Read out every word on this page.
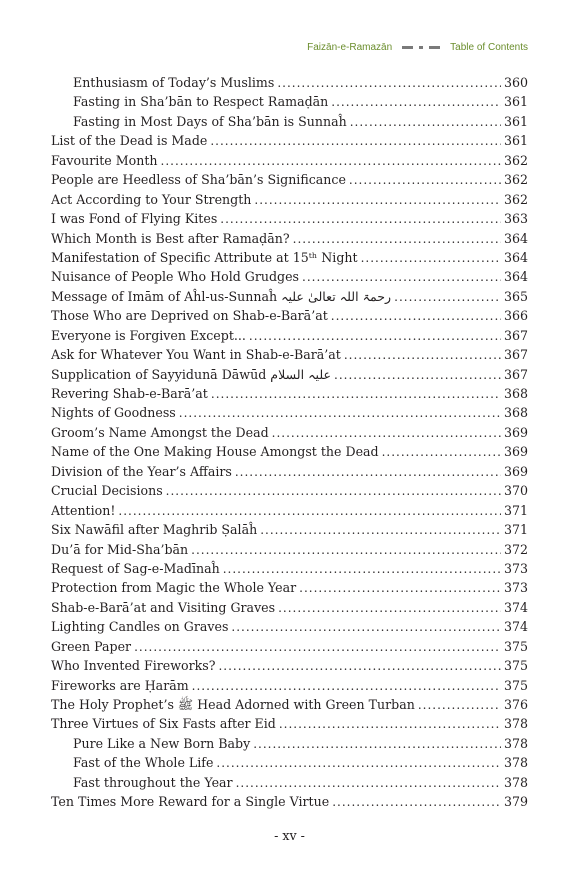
Faizān-e-Ramazān	Table of Contents
Enthusiasm of Today’s Muslims .....	360
Fasting in Sha’bān to Respect Ramaḍān .....	361
Fasting in Most Days of Sha’bān is Sunnaĥ .....	361
List of the Dead is Made .....	361
Favourite Month .....	362
People are Heedless of Sha’bān’s Significance .....	362
Act According to Your Strength .....	362
I was Fond of Flying Kites .....	363
Which Month is Best after Ramaḍān? .....	364
Manifestation of Specific Attribute at 15ᵗʰ Night .....	364
Nuisance of People Who Hold Grudges .....	364
Message of Imām of Aĥl-us-Sunnaĥ رحمۃ اللہ تعالیٰ علیہ .....	365
Those Who are Deprived on Shab-e-Barā’at .....	366
Everyone is Forgiven Except... .....	367
Ask for Whatever You Want in Shab-e-Barā’at .....	367
Supplication of Sayyidunā Dāwūd علیہ السلام .....	367
Revering Shab-e-Barā’at .....	368
Nights of Goodness .....	368
Groom’s Name Amongst the Dead .....	369
Name of the One Making House Amongst the Dead .....	369
Division of the Year’s Affairs .....	369
Crucial Decisions .....	370
Attention! .....	371
Six Nawāfil after Maghrib Ṣalāĥ .....	371
Du’ā for Mid-Sha’bān .....	372
Request of Sag-e-Madīnaĥ .....	373
Protection from Magic the Whole Year .....	373
Shab-e-Barā’at and Visiting Graves .....	374
Lighting Candles on Graves .....	374
Green Paper .....	375
Who Invented Fireworks? .....	375
Fireworks are Ḥarām .....	375
The Holy Prophet’s ﷺ Head Adorned with Green Turban .....	376
Three Virtues of Six Fasts after Eid .....	378
Pure Like a New Born Baby .....	378
Fast of the Whole Life .....	378
Fast throughout the Year .....	378
Ten Times More Reward for a Single Virtue .....	379
- xv -
